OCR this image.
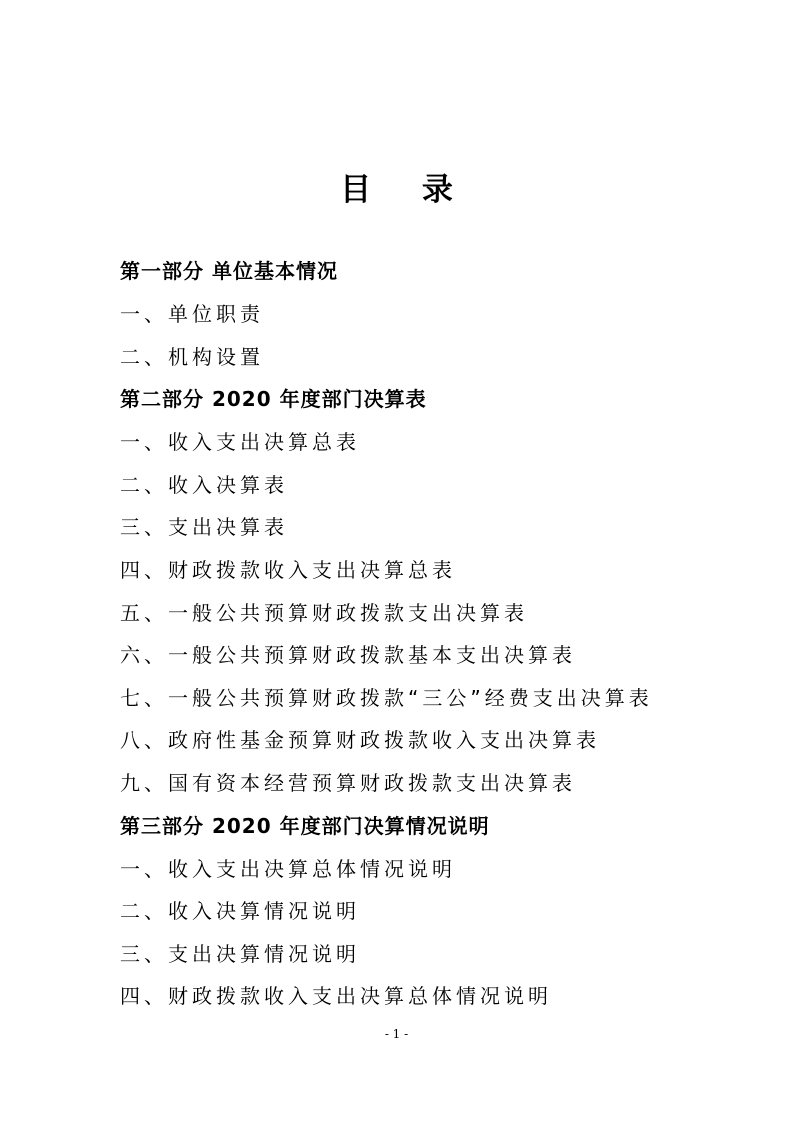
目 录
第一部分 单位基本情况
一、单位职责
二、机构设置
第二部分 2020 年度部门决算表
一、收入支出决算总表
二、收入决算表
三、支出决算表
四、财政拨款收入支出决算总表
五、一般公共预算财政拨款支出决算表
六、一般公共预算财政拨款基本支出决算表
七、一般公共预算财政拨款“三公”经费支出决算表
八、政府性基金预算财政拨款收入支出决算表
九、国有资本经营预算财政拨款支出决算表
第三部分 2020 年度部门决算情况说明
一、收入支出决算总体情况说明
二、收入决算情况说明
三、支出决算情况说明
四、财政拨款收入支出决算总体情况说明
- 1 -
